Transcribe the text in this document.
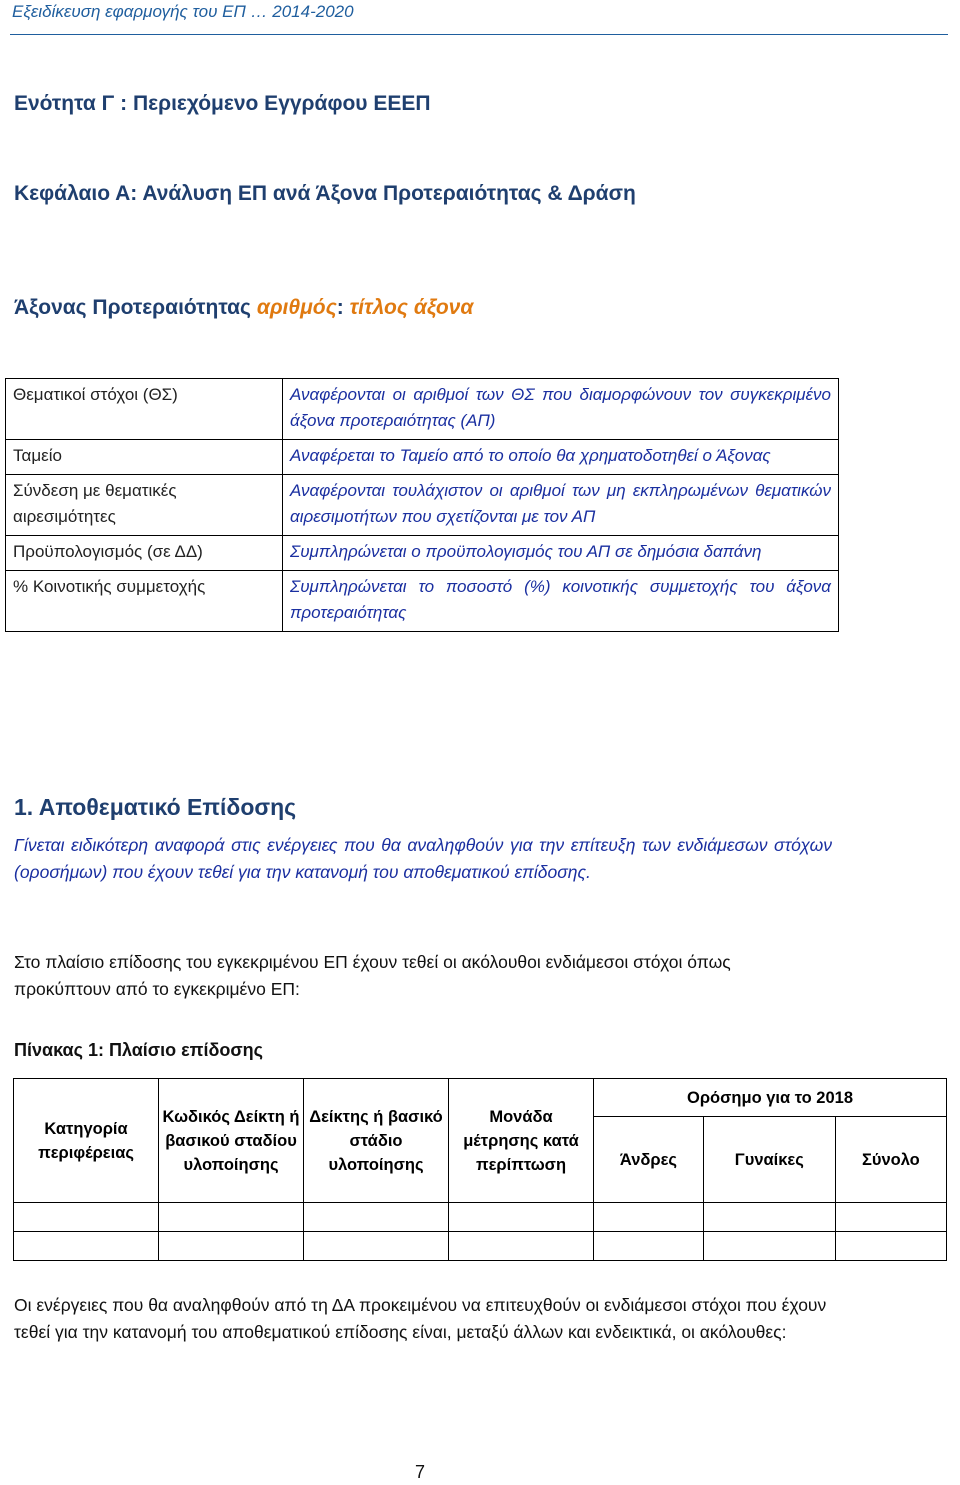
Εξειδίκευση εφαρμογής του ΕΠ … 2014-2020
Ενότητα Γ : Περιεχόμενο Εγγράφου ΕΕΕΠ
Κεφάλαιο Α: Ανάλυση ΕΠ ανά Άξονα Προτεραιότητας & Δράση
Άξονας Προτεραιότητας αριθμός: τίτλος άξονα
Θεματικοί στόχοι (ΘΣ)	Αναφέρονται οι αριθμοί των ΘΣ που διαμορφώνουν τον συγκεκριμένο άξονα προτεραιότητας (ΑΠ)
Ταμείο	Αναφέρεται το Ταμείο από το οποίο θα χρηματοδοτηθεί ο Άξονας
Σύνδεση με θεματικές αιρεσιμότητες	Αναφέρονται τουλάχιστον οι αριθμοί των μη εκπληρωμένων θεματικών αιρεσιμοτήτων που σχετίζονται με τον ΑΠ
Προϋπολογισμός (σε ΔΔ)	Συμπληρώνεται ο προϋπολογισμός του ΑΠ σε δημόσια δαπάνη
% Κοινοτικής συμμετοχής	Συμπληρώνεται το ποσοστό (%) κοινοτικής συμμετοχής του άξονα προτεραιότητας
1. Αποθεματικό Επίδοσης
Γίνεται ειδικότερη αναφορά στις ενέργειες που θα αναληφθούν για την επίτευξη των ενδιάμεσων στόχων (οροσήμων) που έχουν τεθεί για την κατανομή του αποθεματικού επίδοσης.
Στο πλαίσιο επίδοσης του εγκεκριμένου ΕΠ έχουν τεθεί οι ακόλουθοι ενδιάμεσοι στόχοι όπως προκύπτουν από το εγκεκριμένο ΕΠ:
Πίνακας 1: Πλαίσιο επίδοσης
Κατηγορία περιφέρειας	Κωδικός Δείκτη ή βασικού σταδίου υλοποίησης	Δείκτης ή βασικό στάδιο υλοποίησης	Μονάδα μέτρησης κατά περίπτωση	Ορόσημο για το 2018		
				Άνδρες	Γυναίκες	Σύνολο

Οι ενέργειες που θα αναληφθούν από τη ΔΑ προκειμένου να επιτευχθούν οι ενδιάμεσοι στόχοι που έχουν τεθεί για την κατανομή του αποθεματικού επίδοσης είναι, μεταξύ άλλων και ενδεικτικά, οι ακόλουθες:
7
